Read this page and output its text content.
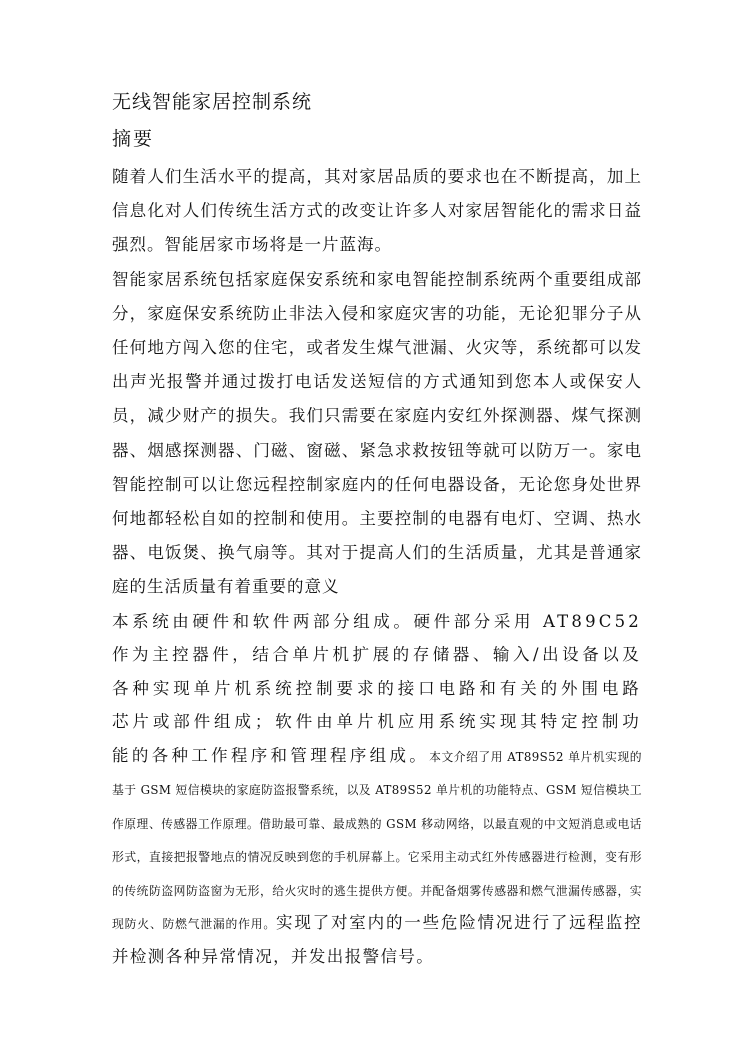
无线智能家居控制系统
摘要

随着人们生活水平的提高，其对家居品质的要求也在不断提高，加上信息化对人们传统生活方式的改变让许多人对家居智能化的需求日益强烈。智能居家市场将是一片蓝海。

智能家居系统包括家庭保安系统和家电智能控制系统两个重要组成部分，家庭保安系统防止非法入侵和家庭灾害的功能，无论犯罪分子从任何地方闯入您的住宅，或者发生煤气泄漏、火灾等，系统都可以发出声光报警并通过拨打电话发送短信的方式通知到您本人或保安人员，减少财产的损失。我们只需要在家庭内安红外探测器、煤气探测器、烟感探测器、门磁、窗磁、紧急求救按钮等就可以防万一。家电智能控制可以让您远程控制家庭内的任何电器设备，无论您身处世界何地都轻松自如的控制和使用。主要控制的电器有电灯、空调、热水器、电饭煲、换气扇等。其对于提高人们的生活质量，尤其是普通家庭的生活质量有着重要的意义

本系统由硬件和软件两部分组成。硬件部分采用 AT89C52 作为主控器件，结合单片机扩展的存储器、输入/出设备以及各种实现单片机系统控制要求的接口电路和有关的外围电路芯片或部件组成；软件由单片机应用系统实现其特定控制功能的各种工作程序和管理程序组成。本文介绍了用 AT89S52 单片机实现的基于 GSM 短信模块的家庭防盗报警系统，以及 AT89S52 单片机的功能特点、GSM 短信模块工作原理、传感器工作原理。借助最可靠、最成熟的 GSM 移动网络，以最直观的中文短消息或电话形式，直接把报警地点的情况反映到您的手机屏幕上。它采用主动式红外传感器进行检测，变有形的传统防盗网防盗窗为无形，给火灾时的逃生提供方便。并配备烟雾传感器和燃气泄漏传感器，实现防火、防燃气泄漏的作用。实现了对室内的一些危险情况进行了远程监控并检测各种异常情况，并发出报警信号。
